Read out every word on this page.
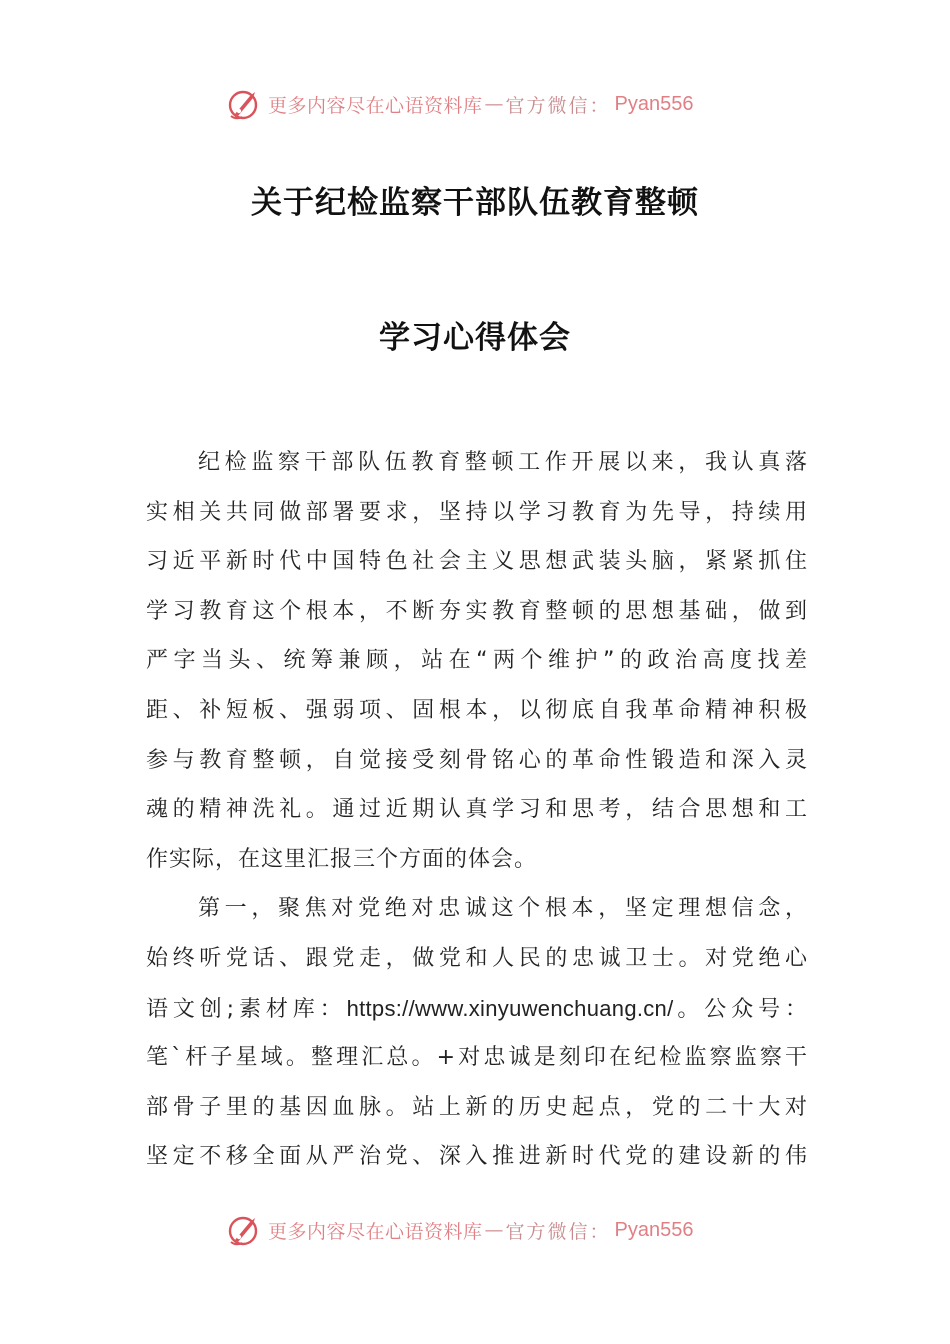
更多内容尽在心语资料库 — 官方微信： Pyan556
关于纪检监察干部队伍教育整顿
学习心得体会
纪检监察干部队伍教育整顿工作开展以来，我认真落
实相关共同做部署要求，坚持以学习教育为先导，持续用
习近平新时代中国特色社会主义思想武装头脑，紧紧抓住
学习教育这个根本，不断夯实教育整顿的思想基础，做到
严字当头、统筹兼顾，站在“两个维护”的政治高度找差
距、补短板、强弱项、固根本，以彻底自我革命精神积极
参与教育整顿，自觉接受刻骨铭心的革命性锻造和深入灵
魂的精神洗礼。通过近期认真学习和思考，结合思想和工
作实际，在这里汇报三个方面的体会。
第一，聚焦对党绝对忠诚这个根本，坚定理想信念，
始终听党话、跟党走，做党和人民的忠诚卫士。对党绝心
语文创;素材库：https://www.xinyuwenchuang.cn/。公众号：
笔`杆子星域。整理汇总。+对忠诚是刻印在纪检监察监察干
部骨子里的基因血脉。站上新的历史起点，党的二十大对
坚定不移全面从严治党、深入推进新时代党的建设新的伟
更多内容尽在心语资料库 — 官方微信： Pyan556
